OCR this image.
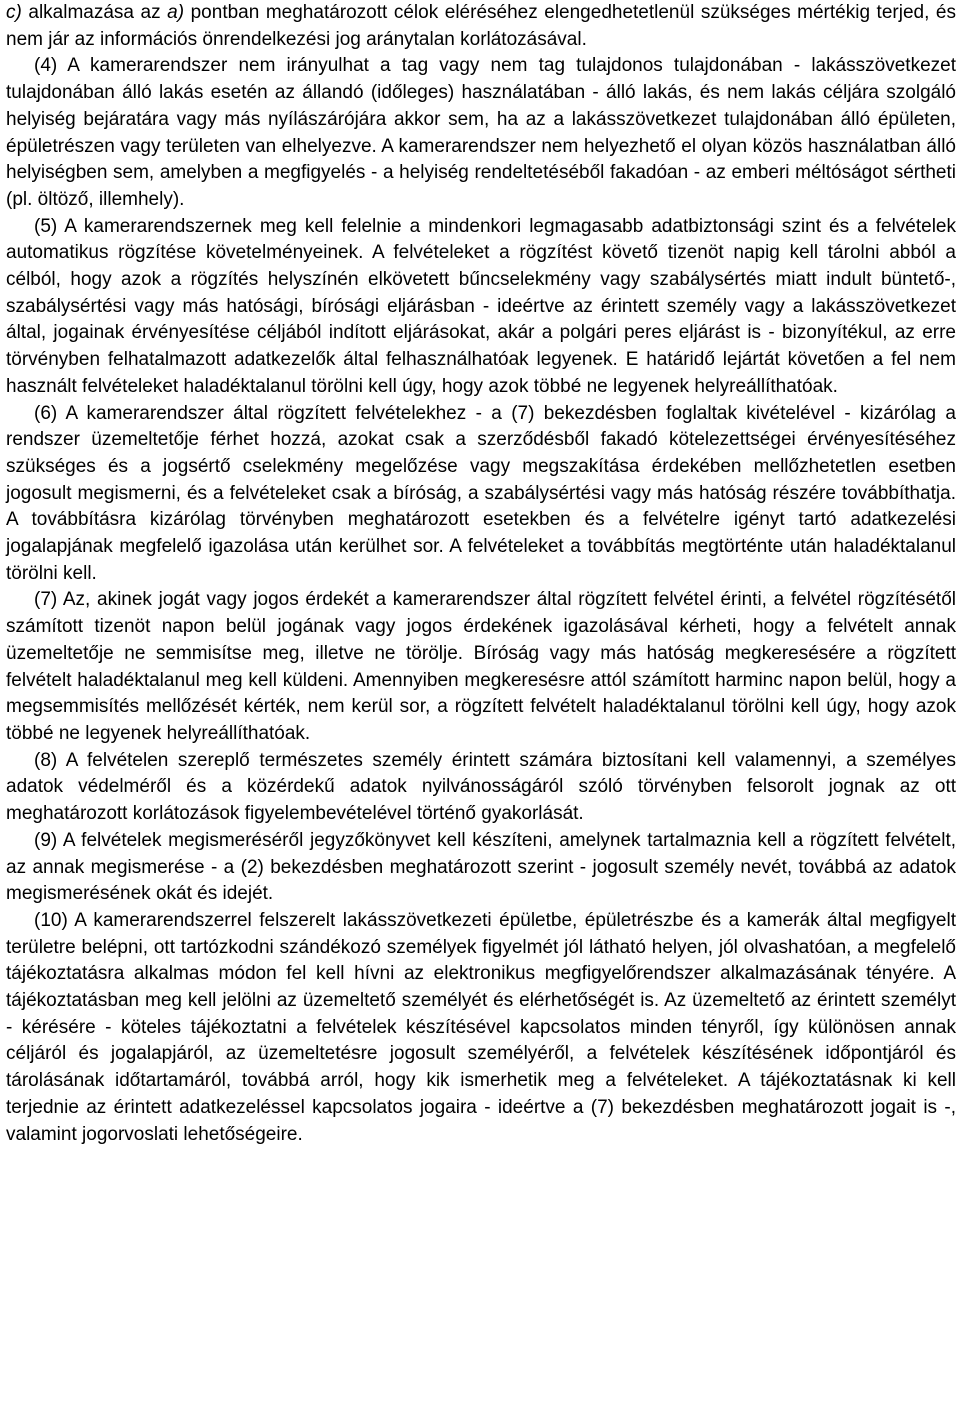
c) alkalmazása az a) pontban meghatározott célok eléréséhez elengedhetetlenül szükséges mértékig terjed, és nem jár az információs önrendelkezési jog aránytalan korlátozásával.

(4) A kamerarendszer nem irányulhat a tag vagy nem tag tulajdonos tulajdonában - lakásszövetkezet tulajdonában álló lakás esetén az állandó (időleges) használatában - álló lakás, és nem lakás céljára szolgáló helyiség bejáratára vagy más nyílászárójára akkor sem, ha az a lakásszövetkezet tulajdonában álló épületen, épületrészen vagy területen van elhelyezve. A kamerarendszer nem helyezhető el olyan közös használatban álló helyiségben sem, amelyben a megfigyelés - a helyiség rendeltetéséből fakadóan - az emberi méltóságot sértheti (pl. öltöző, illemhely).

(5) A kamerarendszernek meg kell felelnie a mindenkori legmagasabb adatbiztonsági szint és a felvételek automatikus rögzítése követelményeinek. A felvételeket a rögzítést követő tizenöt napig kell tárolni abból a célból, hogy azok a rögzítés helyszínén elkövetett bűncselekmény vagy szabálysértés miatt indult büntető-, szabálysértési vagy más hatósági, bírósági eljárásban - ideértve az érintett személy vagy a lakásszövetkezet által, jogainak érvényesítése céljából indított eljárásokat, akár a polgári peres eljárást is - bizonyítékul, az erre törvényben felhatalmazott adatkezelők által felhasználhatóak legyenek. E határidő lejártát követően a fel nem használt felvételeket haladéktalanul törölni kell úgy, hogy azok többé ne legyenek helyreállíthatóak.

(6) A kamerarendszer által rögzített felvételekhez - a (7) bekezdésben foglaltak kivételével - kizárólag a rendszer üzemeltetője férhet hozzá, azokat csak a szerződésből fakadó kötelezettségei érvényesítéséhez szükséges és a jogsértő cselekmény megelőzése vagy megszakítása érdekében mellőzhetetlen esetben jogosult megismerni, és a felvételeket csak a bíróság, a szabálysértési vagy más hatóság részére továbbíthatja. A továbbításra kizárólag törvényben meghatározott esetekben és a felvételre igényt tartó adatkezelési jogalapjának megfelelő igazolása után kerülhet sor. A felvételeket a továbbítás megtörténte után haladéktalanul törölni kell.

(7) Az, akinek jogát vagy jogos érdekét a kamerarendszer által rögzített felvétel érinti, a felvétel rögzítésétől számított tizenöt napon belül jogának vagy jogos érdekének igazolásával kérheti, hogy a felvételt annak üzemeltetője ne semmisítse meg, illetve ne törölje. Bíróság vagy más hatóság megkeresésére a rögzített felvételt haladéktalanul meg kell küldeni. Amennyiben megkeresésre attól számított harminc napon belül, hogy a megsemmisítés mellőzését kérték, nem kerül sor, a rögzített felvételt haladéktalanul törölni kell úgy, hogy azok többé ne legyenek helyreállíthatóak.

(8) A felvételen szereplő természetes személy érintett számára biztosítani kell valamennyi, a személyes adatok védelméről és a közérdekű adatok nyilvánosságáról szóló törvényben felsorolt jognak az ott meghatározott korlátozások figyelembevételével történő gyakorlását.

(9) A felvételek megismeréséről jegyzőkönyvet kell készíteni, amelynek tartalmaznia kell a rögzített felvételt, az annak megismerése - a (2) bekezdésben meghatározott szerint - jogosult személy nevét, továbbá az adatok megismerésének okát és idejét.

(10) A kamerarendszerrel felszerelt lakásszövetkezeti épületbe, épületrészbe és a kamerák által megfigyelt területre belépni, ott tartózkodni szándékozó személyek figyelmét jól látható helyen, jól olvashatóan, a megfelelő tájékoztatásra alkalmas módon fel kell hívni az elektronikus megfigyelőrendszer alkalmazásának tényére. A tájékoztatásban meg kell jelölni az üzemeltető személyét és elérhetőségét is. Az üzemeltető az érintett személyt - kérésére - köteles tájékoztatni a felvételek készítésével kapcsolatos minden tényről, így különösen annak céljáról és jogalapjáról, az üzemeltetésre jogosult személyéről, a felvételek készítésének időpontjáról és tárolásának időtartamáról, továbbá arról, hogy kik ismerhetik meg a felvételeket. A tájékoztatásnak ki kell terjednie az érintett adatkezeléssel kapcsolatos jogaira - ideértve a (7) bekezdésben meghatározott jogait is -, valamint jogorvoslati lehetőségeire.
